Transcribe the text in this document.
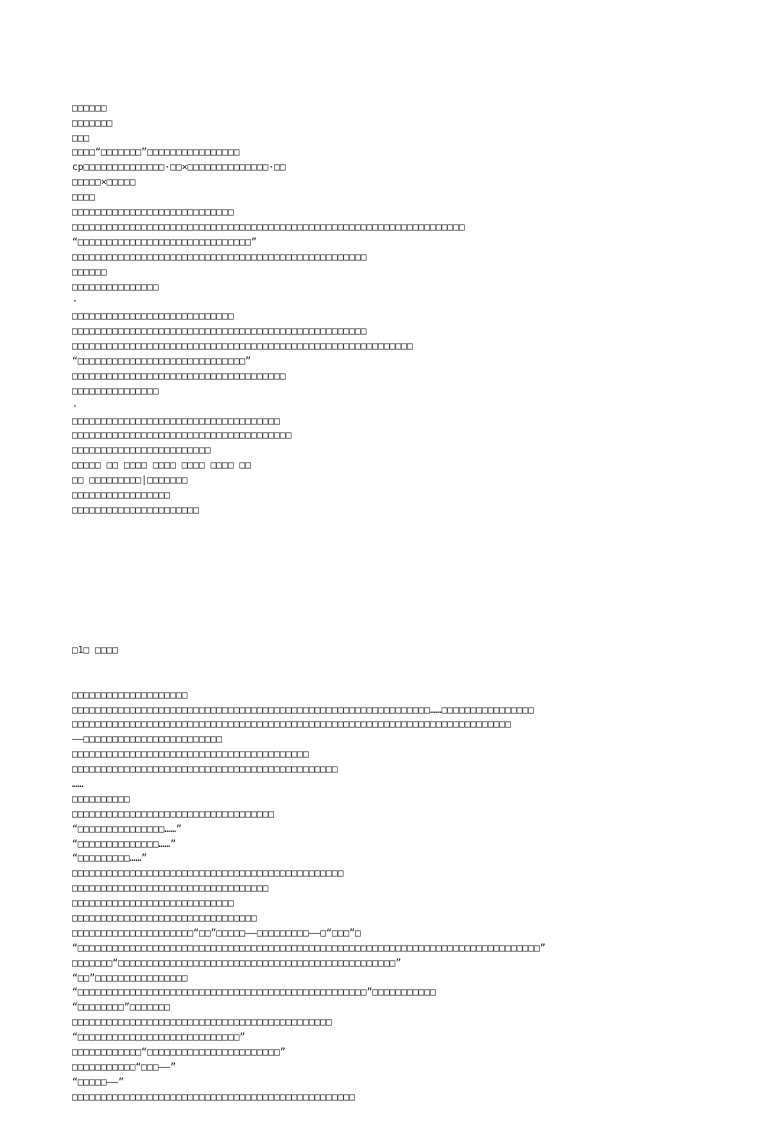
□□□□□□
□□□□□□□
□□□
□□□□“□□□□□□□”□□□□□□□□□□□□□□□□
cp□□□□□□□□□□□□□□·□□×□□□□□□□□□□□□□□·□□
□□□□□×□□□□□
□□□□
□□□□□□□□□□□□□□□□□□□□□□□□□□□□
□□□□□□□□□□□□□□□□□□□□□□□□□□□□□□□□□□□□□□□□□□□□□□□□□□□□□□□□□□□□□□□□□□□□
“□□□□□□□□□□□□□□□□□□□□□□□□□□□□□□”
□□□□□□□□□□□□□□□□□□□□□□□□□□□□□□□□□□□□□□□□□□□□□□□□□□□
□□□□□□
□□□□□□□□□□□□□□□
·
□□□□□□□□□□□□□□□□□□□□□□□□□□□□
□□□□□□□□□□□□□□□□□□□□□□□□□□□□□□□□□□□□□□□□□□□□□□□□□□□
□□□□□□□□□□□□□□□□□□□□□□□□□□□□□□□□□□□□□□□□□□□□□□□□□□□□□□□□□□□
“□□□□□□□□□□□□□□□□□□□□□□□□□□□□□”
□□□□□□□□□□□□□□□□□□□□□□□□□□□□□□□□□□□□□
□□□□□□□□□□□□□□□
·
□□□□□□□□□□□□□□□□□□□□□□□□□□□□□□□□□□□□
□□□□□□□□□□□□□□□□□□□□□□□□□□□□□□□□□□□□□□
□□□□□□□□□□□□□□□□□□□□□□□□
□□□□□ □□ □□□□ □□□□ □□□□ □□□□ □□
□□ □□□□□□□□□|□□□□□□□
□□□□□□□□□□□□□□□□□
□□□□□□□□□□□□□□□□□□□□□□

□1□ □□□□

□□□□□□□□□□□□□□□□□□□□
□□□□□□□□□□□□□□□□□□□□□□□□□□□□□□□□□□□□□□□□□□□□□□□□□□□□□□□□□□□□□□……□□□□□□□□□□□□□□□□
□□□□□□□□□□□□□□□□□□□□□□□□□□□□□□□□□□□□□□□□□□□□□□□□□□□□□□□□□□□□□□□□□□□□□□□□□□□□
——□□□□□□□□□□□□□□□□□□□□□□□□
□□□□□□□□□□□□□□□□□□□□□□□□□□□□□□□□□□□□□□□□□
□□□□□□□□□□□□□□□□□□□□□□□□□□□□□□□□□□□□□□□□□□□□□□
……
□□□□□□□□□□
□□□□□□□□□□□□□□□□□□□□□□□□□□□□□□□□□□□
“□□□□□□□□□□□□□□□……”
“□□□□□□□□□□□□□□……”
“□□□□□□□□□……”
□□□□□□□□□□□□□□□□□□□□□□□□□□□□□□□□□□□□□□□□□□□□□□□
□□□□□□□□□□□□□□□□□□□□□□□□□□□□□□□□□□
□□□□□□□□□□□□□□□□□□□□□□□□□□□□
□□□□□□□□□□□□□□□□□□□□□□□□□□□□□□□□
□□□□□□□□□□□□□□□□□□□□□“□□”□□□□□——□□□□□□□□□——□“□□□”□
“□□□□□□□□□□□□□□□□□□□□□□□□□□□□□□□□□□□□□□□□□□□□□□□□□□□□□□□□□□□□□□□□□□□□□□□□□□□□□□□□”
□□□□□□□“□□□□□□□□□□□□□□□□□□□□□□□□□□□□□□□□□□□□□□□□□□□□□□□□”
“□□”□□□□□□□□□□□□□□□□
“□□□□□□□□□□□□□□□□□□□□□□□□□□□□□□□□□□□□□□□□□□□□□□□□□□”□□□□□□□□□□□
“□□□□□□□□”□□□□□□□
□□□□□□□□□□□□□□□□□□□□□□□□□□□□□□□□□□□□□□□□□□□□□
“□□□□□□□□□□□□□□□□□□□□□□□□□□□□”
□□□□□□□□□□□□“□□□□□□□□□□□□□□□□□□□□□□□”
□□□□□□□□□□□“□□□——”
“□□□□□——”
□□□□□□□□□□□□□□□□□□□□□□□□□□□□□□□□□□□□□□□□□□□□□□□□□
